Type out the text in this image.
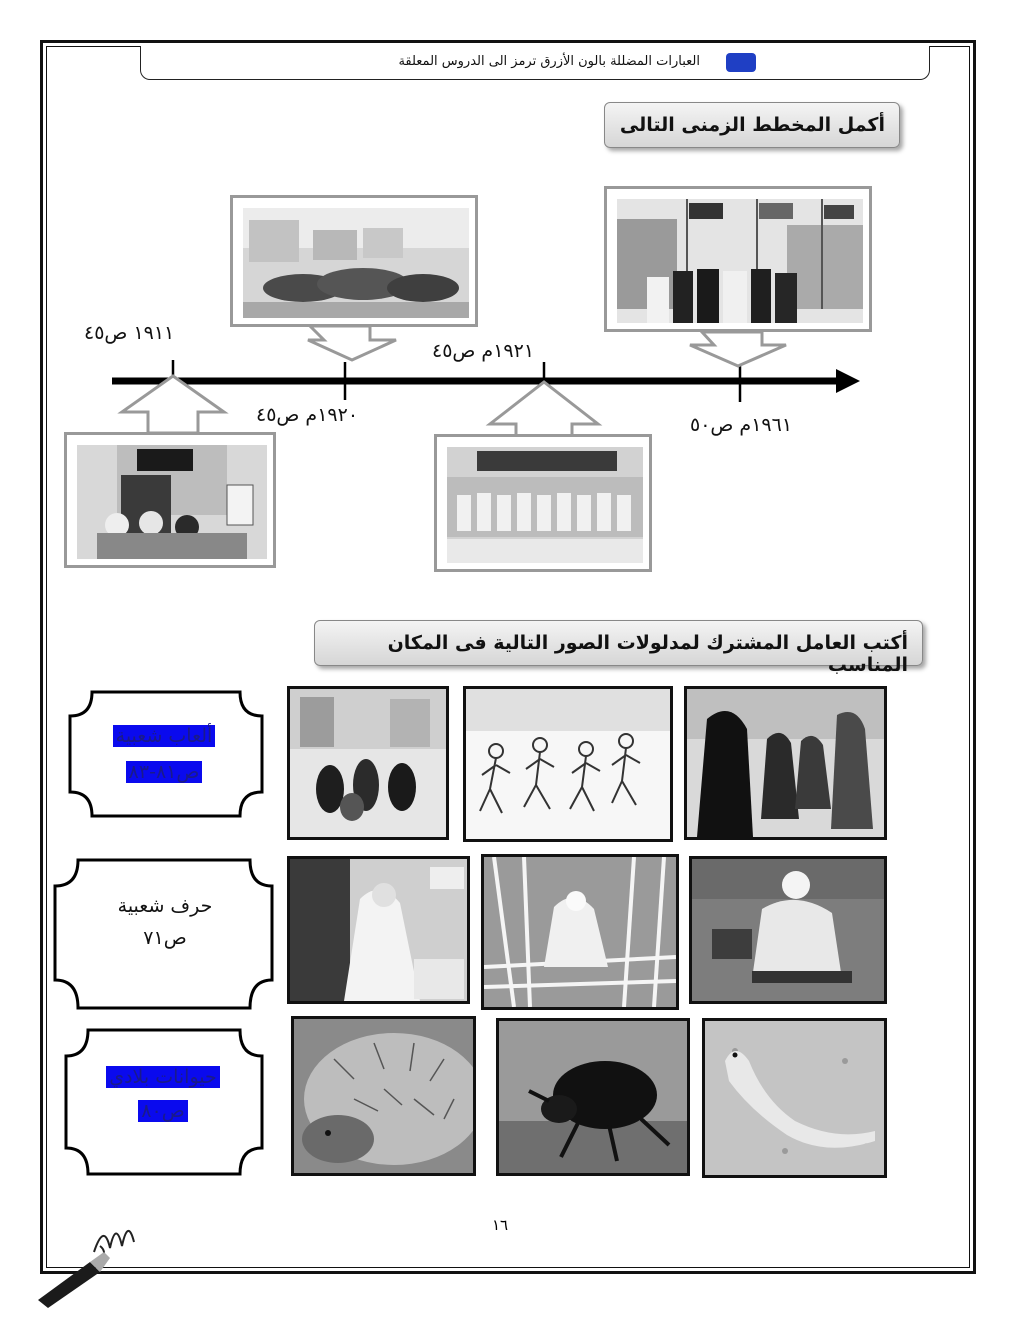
العبارات المضللة بالون الأزرق ترمز الى الدروس المعلقة
أكمل المخطط الزمنى التالى
١٩١١ ص٤٥
١٩٢٠م ص٤٥
١٩٢١م ص٤٥
١٩٦١م ص٥٠
أكتب العامل المشترك لمدلولات الصور التالية فى المكان المناسب
ألعاب شعبية
ص٨١-٨٣
حرف شعبية
ص٧١
حيوانات بلادي
ص٨٠
١٦
